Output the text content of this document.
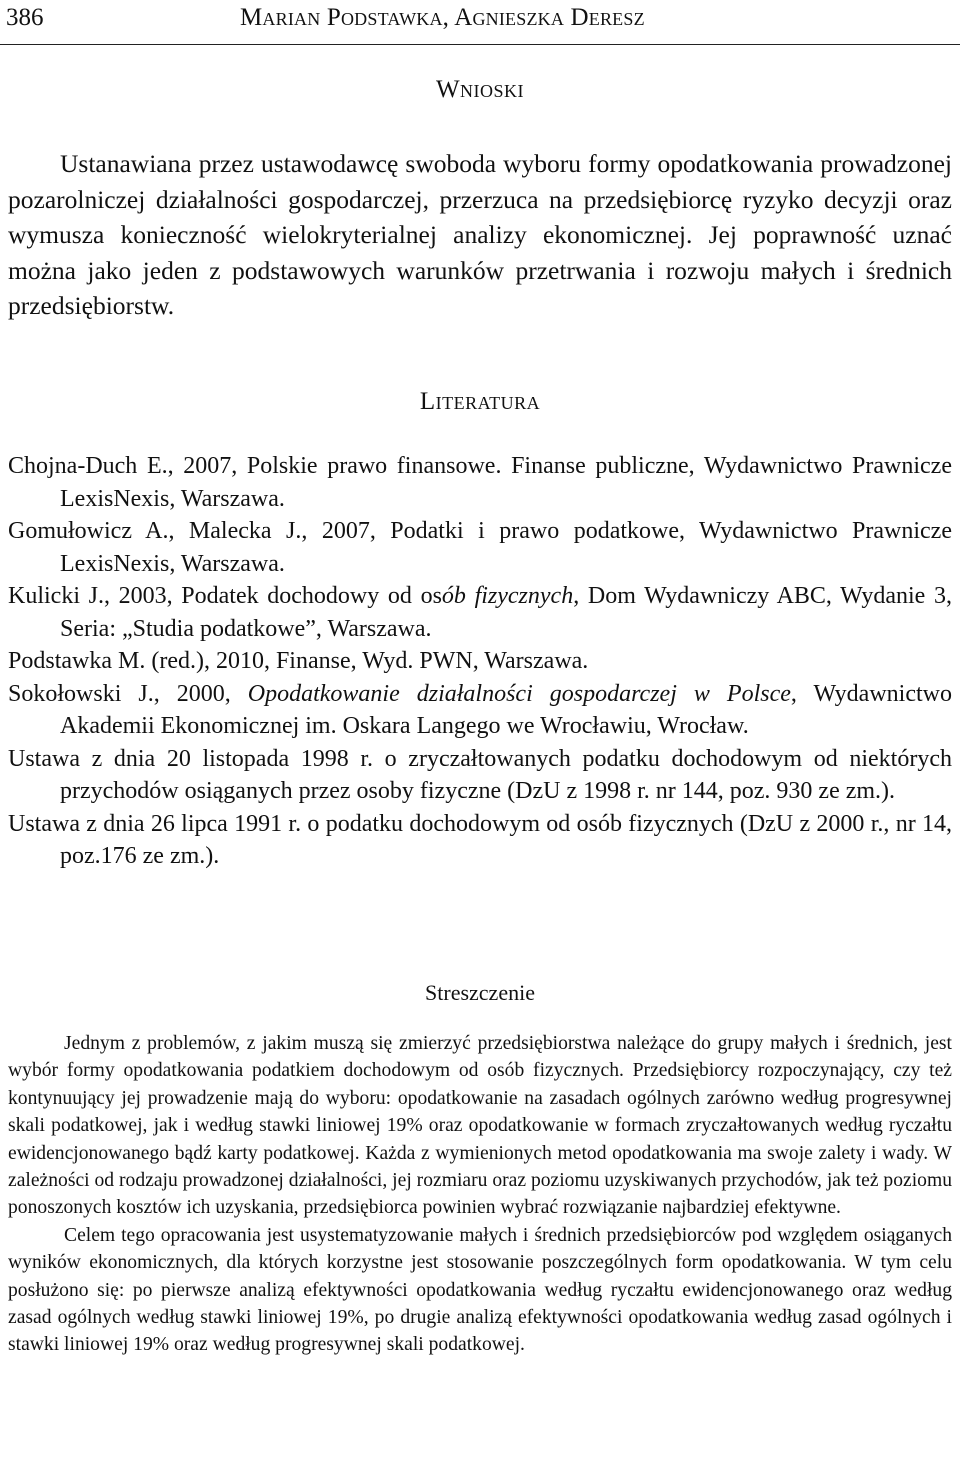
386	Marian Podstawka, Agnieszka Deresz
Wnioski

Ustanawiana przez ustawodawcę swoboda wyboru formy opodatkowania prowadzonej pozarolniczej działalności gospodarczej, przerzuca na przedsiębiorcę ryzyko decyzji oraz wymusza konieczność wielokryterialnej analizy ekonomicznej. Jej poprawność uznać można jako jeden z podstawowych warunków przetrwania i rozwoju małych i średnich przedsiębiorstw.

Literatura
Chojna-Duch E., 2007, Polskie prawo finansowe. Finanse publiczne, Wydawnictwo Prawnicze LexisNexis, Warszawa.
Gomułowicz A., Malecka J., 2007, Podatki i prawo podatkowe, Wydawnictwo Prawnicze LexisNexis, Warszawa.
Kulicki J., 2003, Podatek dochodowy od osób fizycznych, Dom Wydawniczy ABC, Wydanie 3, Seria: „Studia podatkowe”, Warszawa.
Podstawka M. (red.), 2010, Finanse, Wyd. PWN, Warszawa.
Sokołowski J., 2000, Opodatkowanie działalności gospodarczej w Polsce, Wydawnictwo Akademii Ekonomicznej im. Oskara Langego we Wrocławiu, Wrocław.
Ustawa z dnia 20 listopada 1998 r. o zryczałtowanych podatku dochodowym od niektórych przychodów osiąganych przez osoby fizyczne (DzU z 1998 r. nr 144, poz. 930 ze zm.).
Ustawa z dnia 26 lipca 1991 r. o podatku dochodowym od osób fizycznych (DzU z 2000 r., nr 14, poz.176 ze zm.).
Streszczenie

Jednym z problemów, z jakim muszą się zmierzyć przedsiębiorstwa należące do grupy małych i średnich, jest wybór formy opodatkowania podatkiem dochodowym od osób fizycznych. Przedsiębiorcy rozpoczynający, czy też kontynuujący jej prowadzenie mają do wyboru: opodatkowanie na zasadach ogólnych zarówno według progresywnej skali podatkowej, jak i według stawki liniowej 19% oraz opodatkowanie w formach zryczałtowanych według ryczałtu ewidencjonowanego bądź karty podatkowej. Każda z wymienionych metod opodatkowania ma swoje zalety i wady. W zależności od rodzaju prowadzonej działalności, jej rozmiaru oraz poziomu uzyskiwanych przychodów, jak też poziomu ponoszonych kosztów ich uzyskania, przedsiębiorca powinien wybrać rozwiązanie najbardziej efektywne.

Celem tego opracowania jest usystematyzowanie małych i średnich przedsiębiorców pod względem osiąganych wyników ekonomicznych, dla których korzystne jest stosowanie poszczególnych form opodatkowania. W tym celu posłużono się: po pierwsze analizą efektywności opodatkowania według ryczałtu ewidencjonowanego oraz według zasad ogólnych według stawki liniowej 19%, po drugie analizą efektywności opodatkowania według zasad ogólnych i stawki liniowej 19% oraz według progresywnej skali podatkowej.
